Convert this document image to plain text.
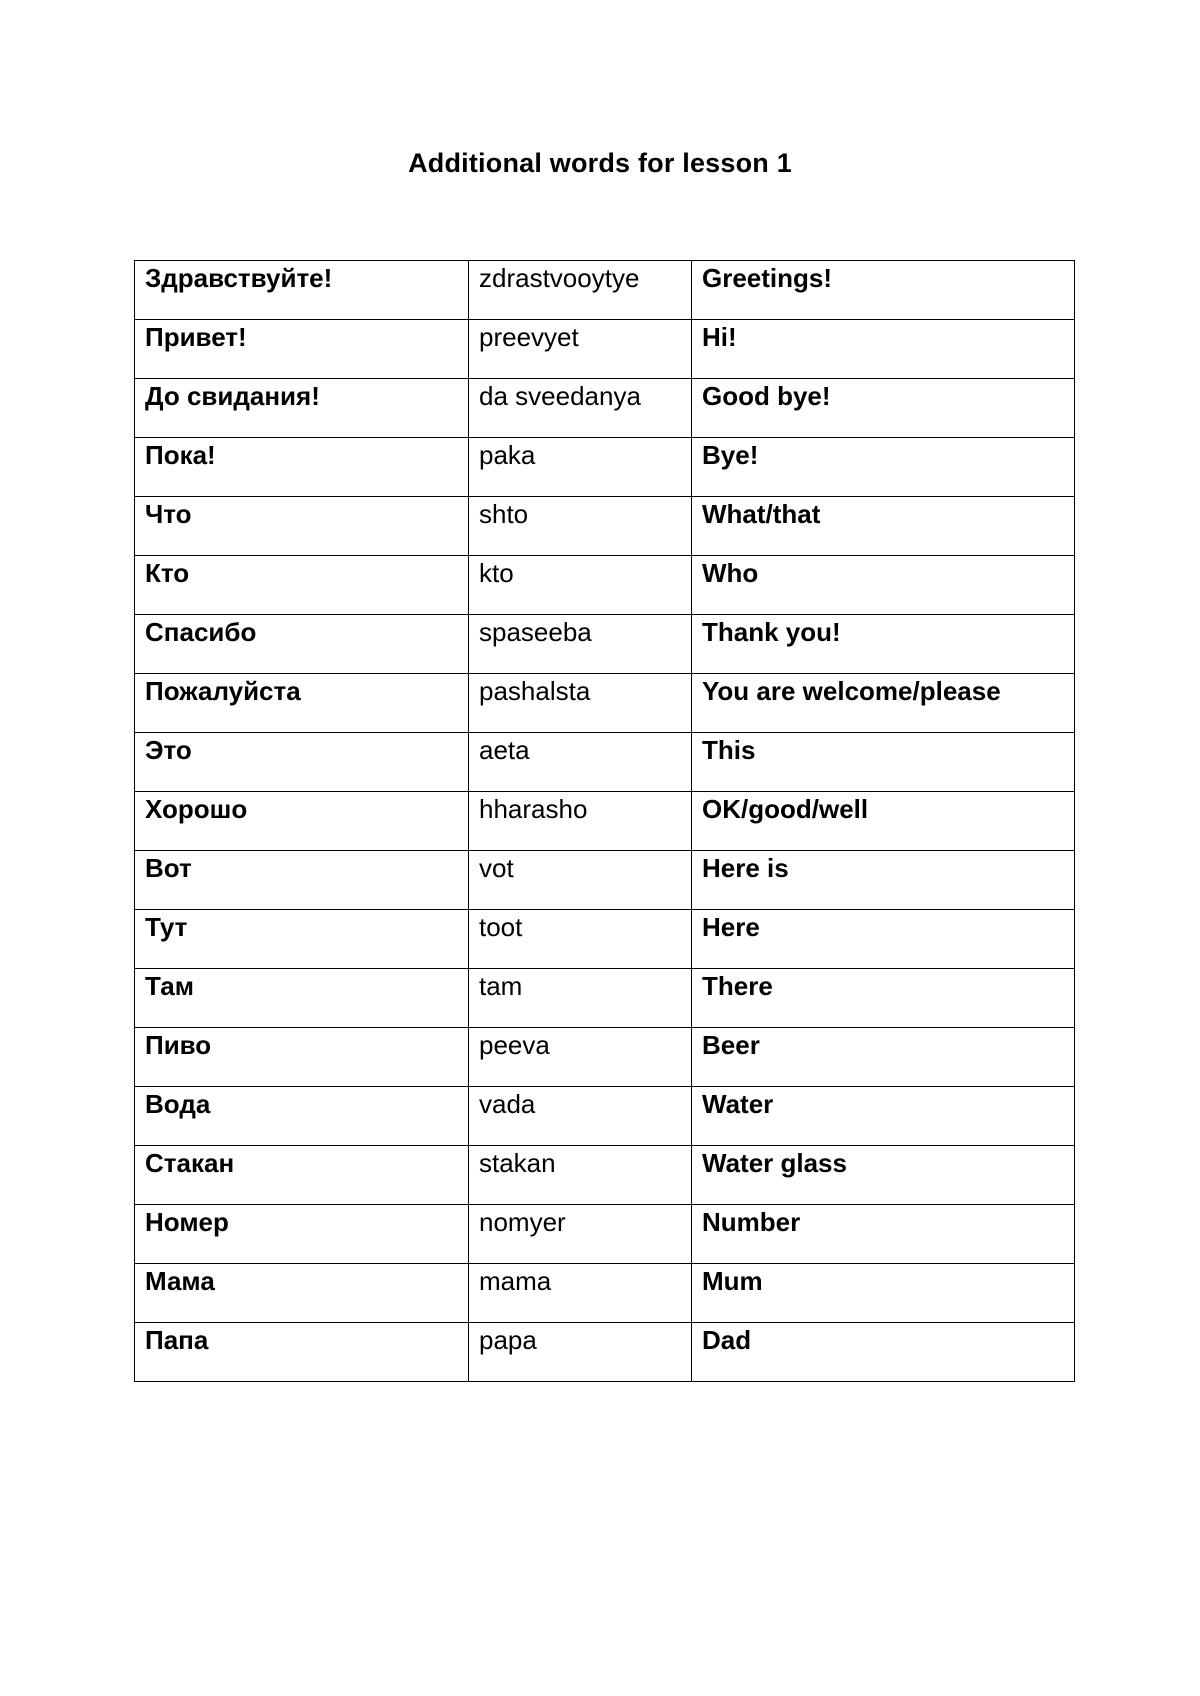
Additional words for lesson 1
Здравствуйте!	zdrastvooytye	Greetings!
Привет!	preevyet	Hi!
До свидания!	da sveedanya	Good bye!
Пока!	paka	Bye!
Что	shto	What/that
Кто	kto	Who
Спасибо	spaseeba	Thank you!
Пожалуйста	pashalsta	You are welcome/please
Это	aeta	This
Хорошо	hharasho	OK/good/well
Вот	vot	Here is
Тут	toot	Here
Там	tam	There
Пиво	peeva	Beer
Вода	vada	Water
Стакан	stakan	Water glass
Номер	nomyer	Number
Мама	mama	Mum
Папа	papa	Dad
